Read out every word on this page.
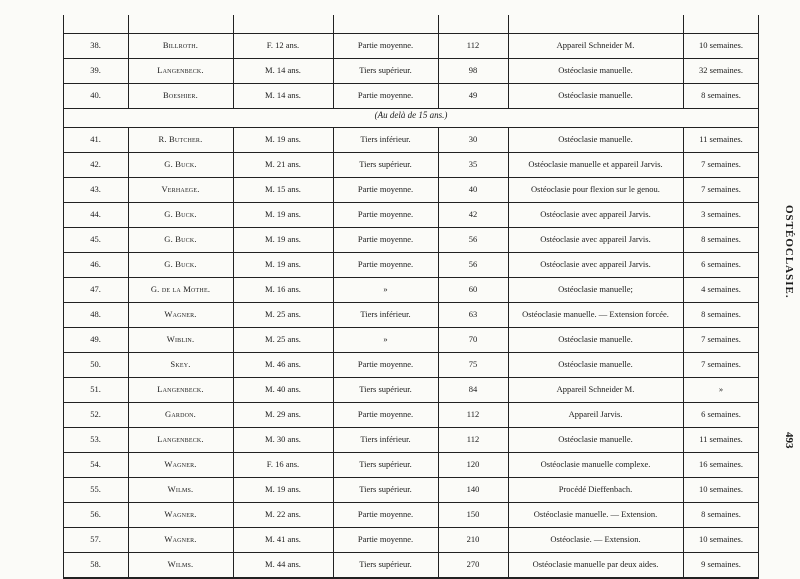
38.	Billroth.	F. 12 ans.	Partie moyenne.	112	Appareil Schneider M.	10 semaines.
39.	Langenbeck.	M. 14 ans.	Tiers supérieur.	98	Ostéoclasie manuelle.	32 semaines.
40.	Boeshier.	M. 14 ans.	Partie moyenne.	49	Ostéoclasie manuelle.	8 semaines.
(Au delà de 15 ans.)
41.	R. Butcher.	M. 19 ans.	Tiers inférieur.	30	Ostéoclasie manuelle.	11 semaines.
42.	G. Buck.	M. 21 ans.	Tiers supérieur.	35	Ostéoclasie manuelle et appareil Jarvis.	7 semaines.
43.	Verhaege.	M. 15 ans.	Partie moyenne.	40	Ostéoclasie pour flexion sur le genou.	7 semaines.
44.	G. Buck.	M. 19 ans.	Partie moyenne.	42	Ostéoclasie avec appareil Jarvis.	3 semaines.
45.	G. Buck.	M. 19 ans.	Partie moyenne.	56	Ostéoclasie avec appareil Jarvis.	8 semaines.
46.	G. Buck.	M. 19 ans.	Partie moyenne.	56	Ostéoclasie avec appareil Jarvis.	6 semaines.
47.	G. de la Mothe.	M. 16 ans.	»	60	Ostéoclasie manuelle;	4 semaines.
48.	Wagner.	M. 25 ans.	Tiers inférieur.	63	Ostéoclasie manuelle. — Extension forcée.	8 semaines.
49.	Wiblin.	M. 25 ans.	»	70	Ostéoclasie manuelle.	7 semaines.
50.	Skey.	M. 46 ans.	Partie moyenne.	75	Ostéoclasie manuelle.	7 semaines.
51.	Langenbeck.	M. 40 ans.	Tiers supérieur.	84	Appareil Schneider M.	»
52.	Gardon.	M. 29 ans.	Partie moyenne.	112	Appareil Jarvis.	6 semaines.
53.	Langenbeck.	M. 30 ans.	Tiers inférieur.	112	Ostéoclasie manuelle.	11 semaines.
54.	Wagner.	F. 16 ans.	Tiers supérieur.	120	Ostéoclasie manuelle complexe.	16 semaines.
55.	Wilms.	M. 19 ans.	Tiers supérieur.	140	Procédé Dieffenbach.	10 semaines.
56.	Wagner.	M. 22 ans.	Partie moyenne.	150	Ostéoclasie manuelle. — Extension.	8 semaines.
57.	Wagner.	M. 41 ans.	Partie moyenne.	210	Ostéoclasie. — Extension.	10 semaines.
58.	Wilms.	M. 44 ans.	Tiers supérieur.	270	Ostéoclasie manuelle par deux aides.	9 semaines.
OSTÉOCLASIE.
493
